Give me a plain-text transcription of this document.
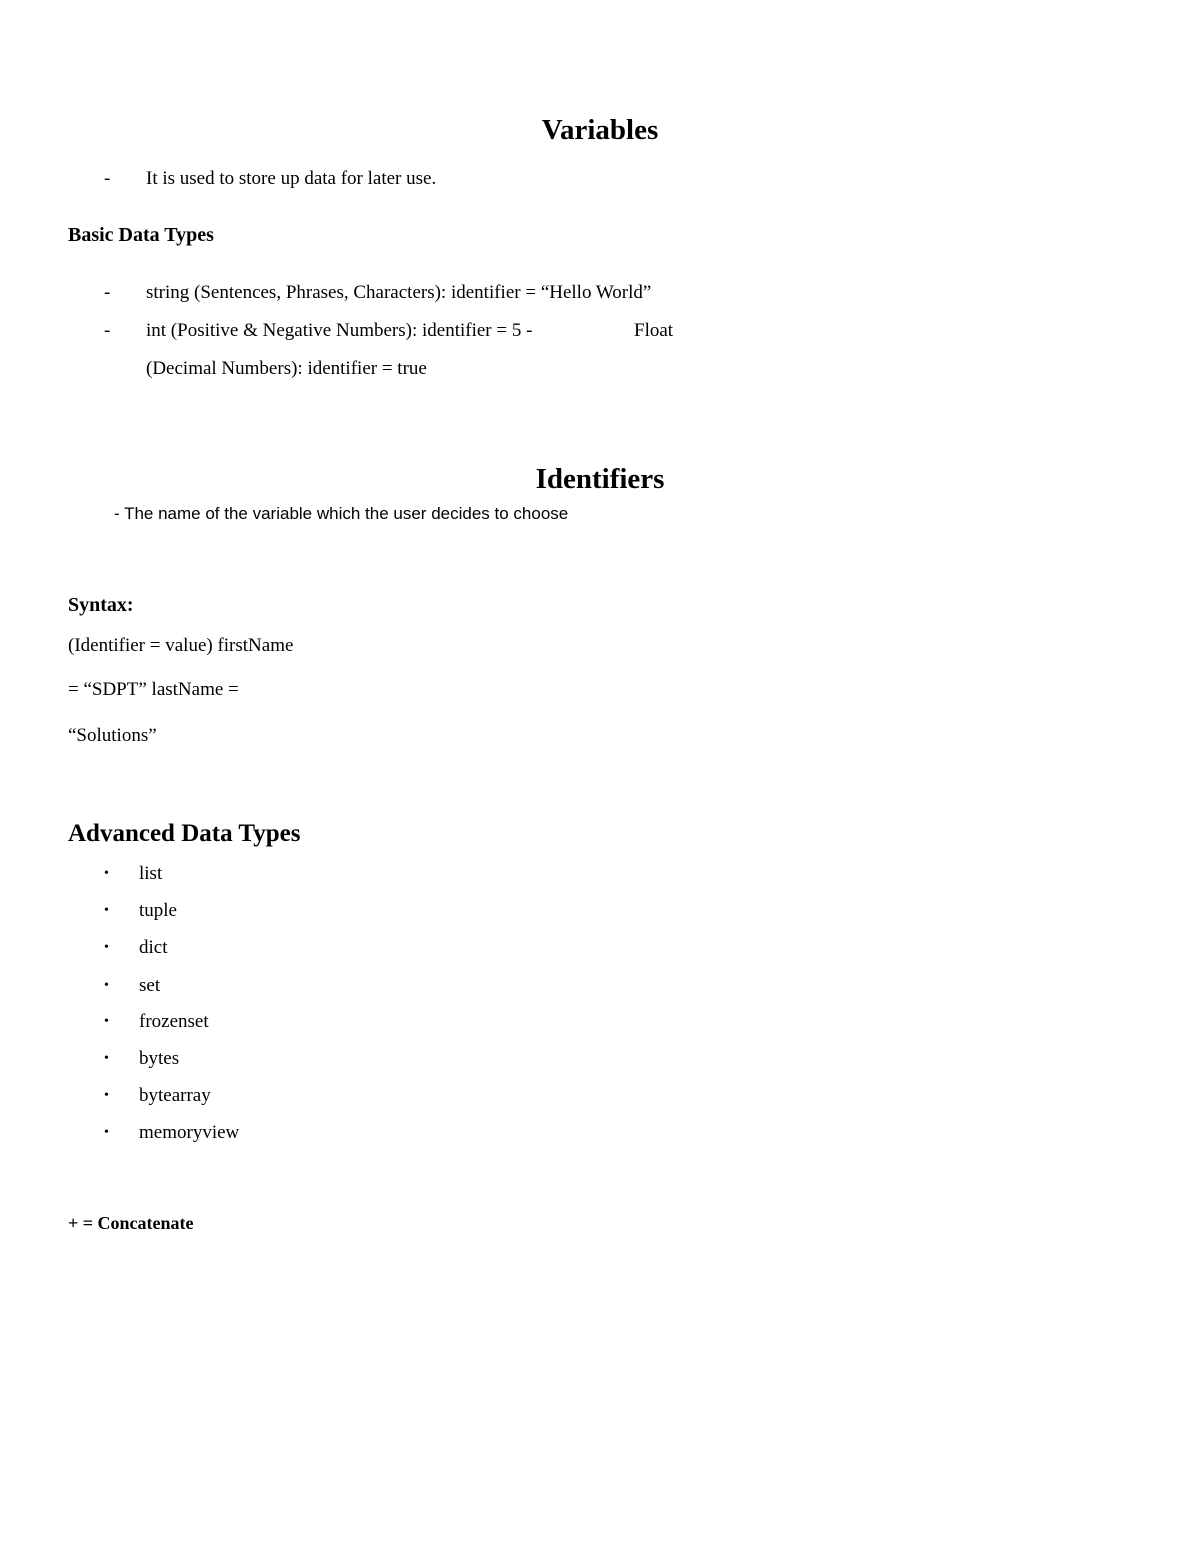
Variables
- It is used to store up data for later use.
Basic Data Types
- string (Sentences, Phrases, Characters): identifier = “Hello World”
- int (Positive & Negative Numbers): identifier = 5 -	Float
(Decimal Numbers): identifier = true
Identifiers
- The name of the variable which the user decides to choose
Syntax:
(Identifier = value) firstName
= “SDPT” lastName =
“Solutions”
Advanced Data Types
• list
• tuple
• dict
• set
• frozenset
• bytes
• bytearray
• memoryview
+ = Concatenate
